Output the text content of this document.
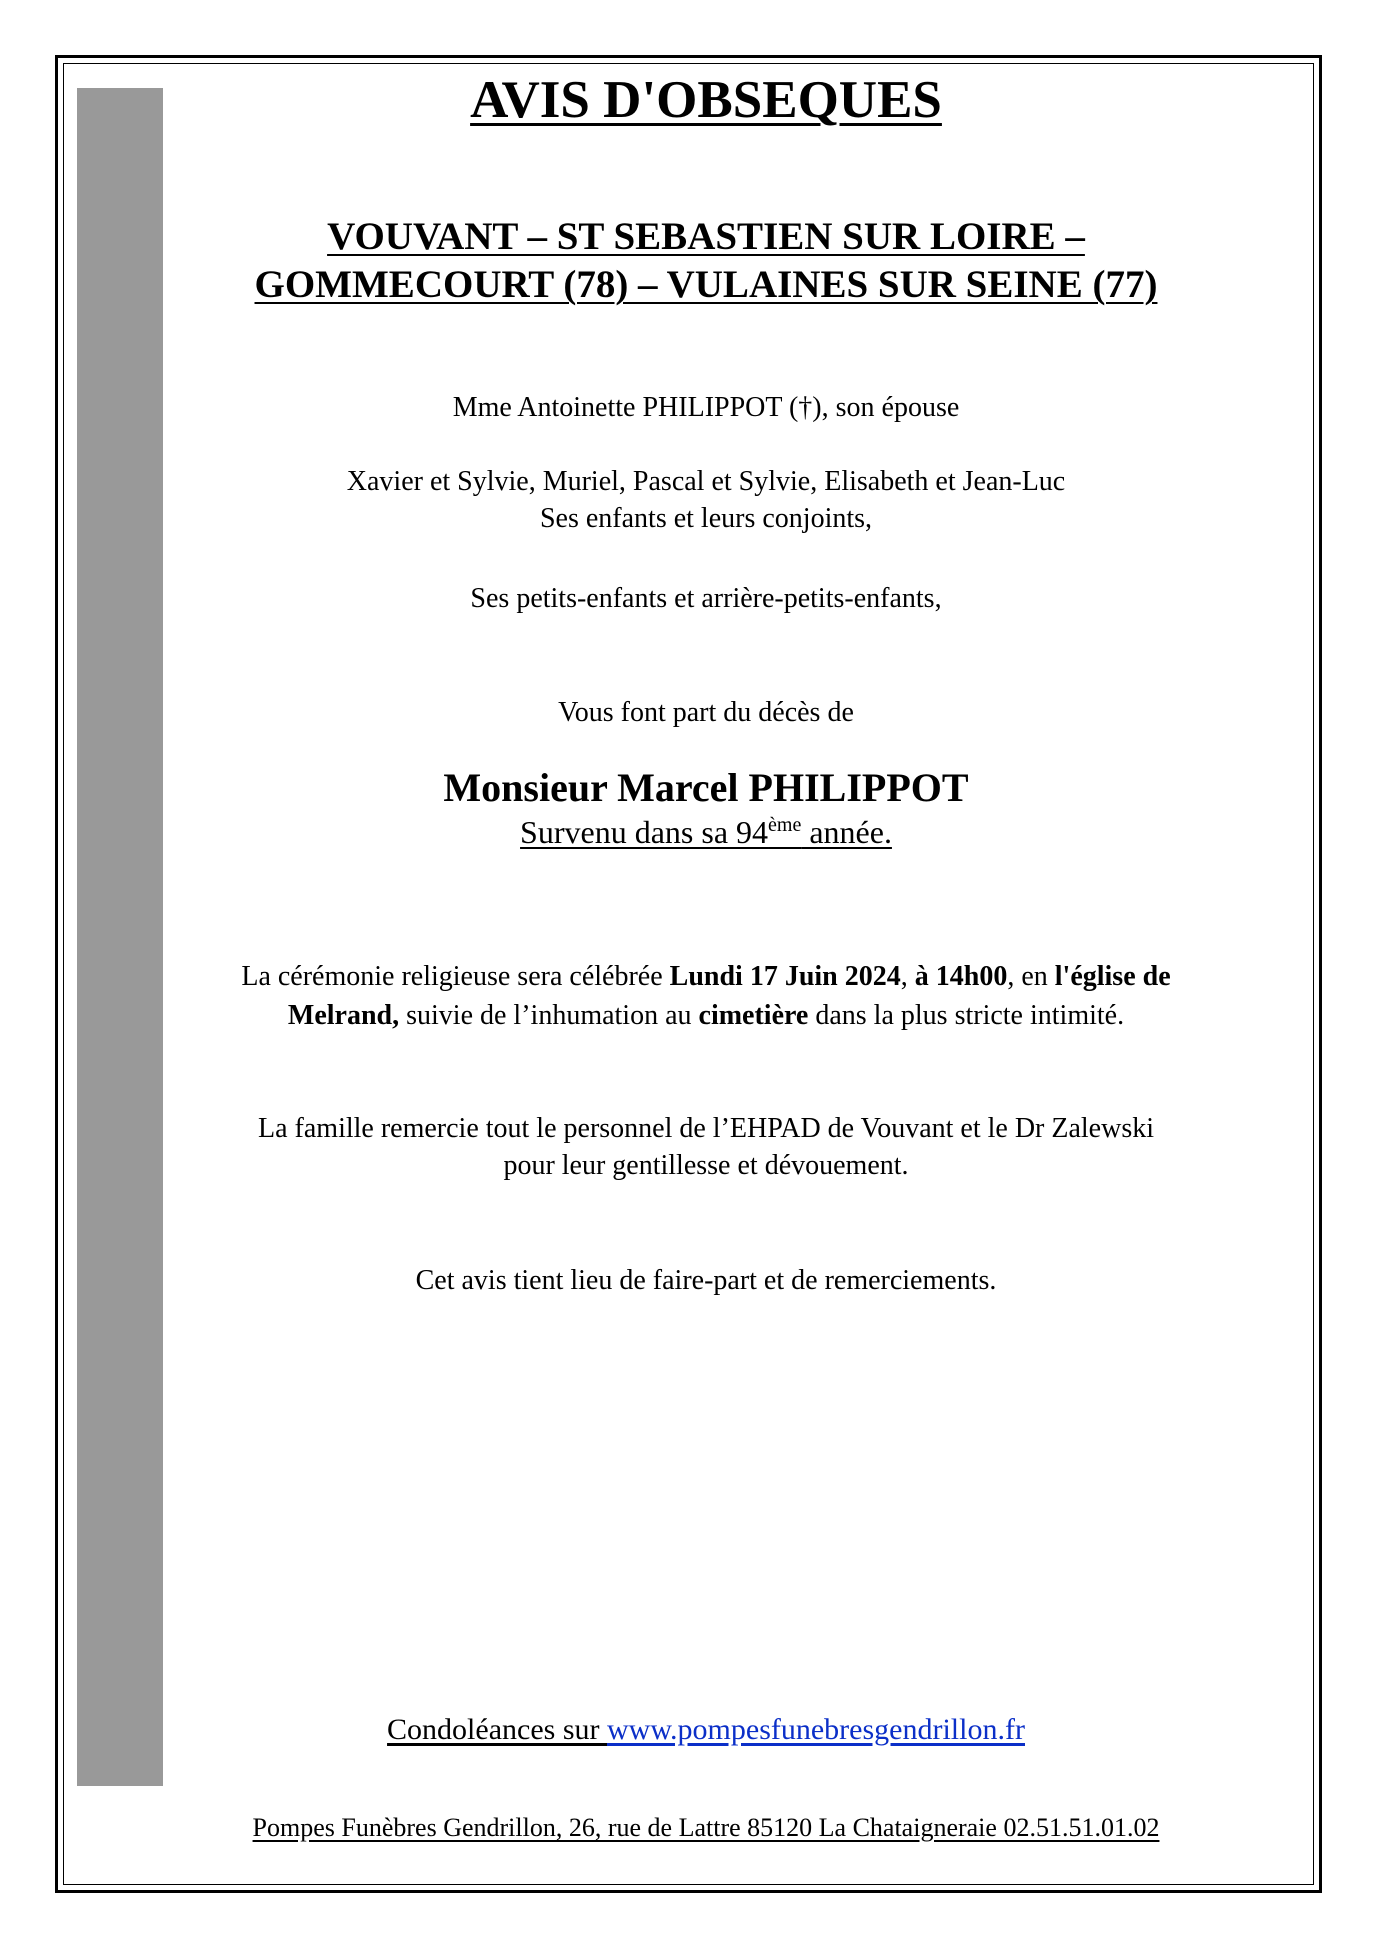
AVIS D'OBSEQUES
VOUVANT – ST SEBASTIEN SUR LOIRE –
GOMMECOURT (78) – VULAINES SUR SEINE (77)
Mme Antoinette PHILIPPOT (†), son épouse
Xavier et Sylvie, Muriel, Pascal et Sylvie, Elisabeth et Jean-Luc
Ses enfants et leurs conjoints,
Ses petits-enfants et arrière-petits-enfants,
Vous font part du décès de
Monsieur Marcel PHILIPPOT
Survenu dans sa 94ème année.
La cérémonie religieuse sera célébrée Lundi 17 Juin 2024, à 14h00, en l'église de
Melrand, suivie de l’inhumation au cimetière dans la plus stricte intimité.
La famille remercie tout le personnel de l’EHPAD de Vouvant et le Dr Zalewski
pour leur gentillesse et dévouement.
Cet avis tient lieu de faire-part et de remerciements.
Condoléances sur www.pompesfunebresgendrillon.fr
Pompes Funèbres Gendrillon, 26, rue de Lattre 85120 La Chataigneraie 02.51.51.01.02
